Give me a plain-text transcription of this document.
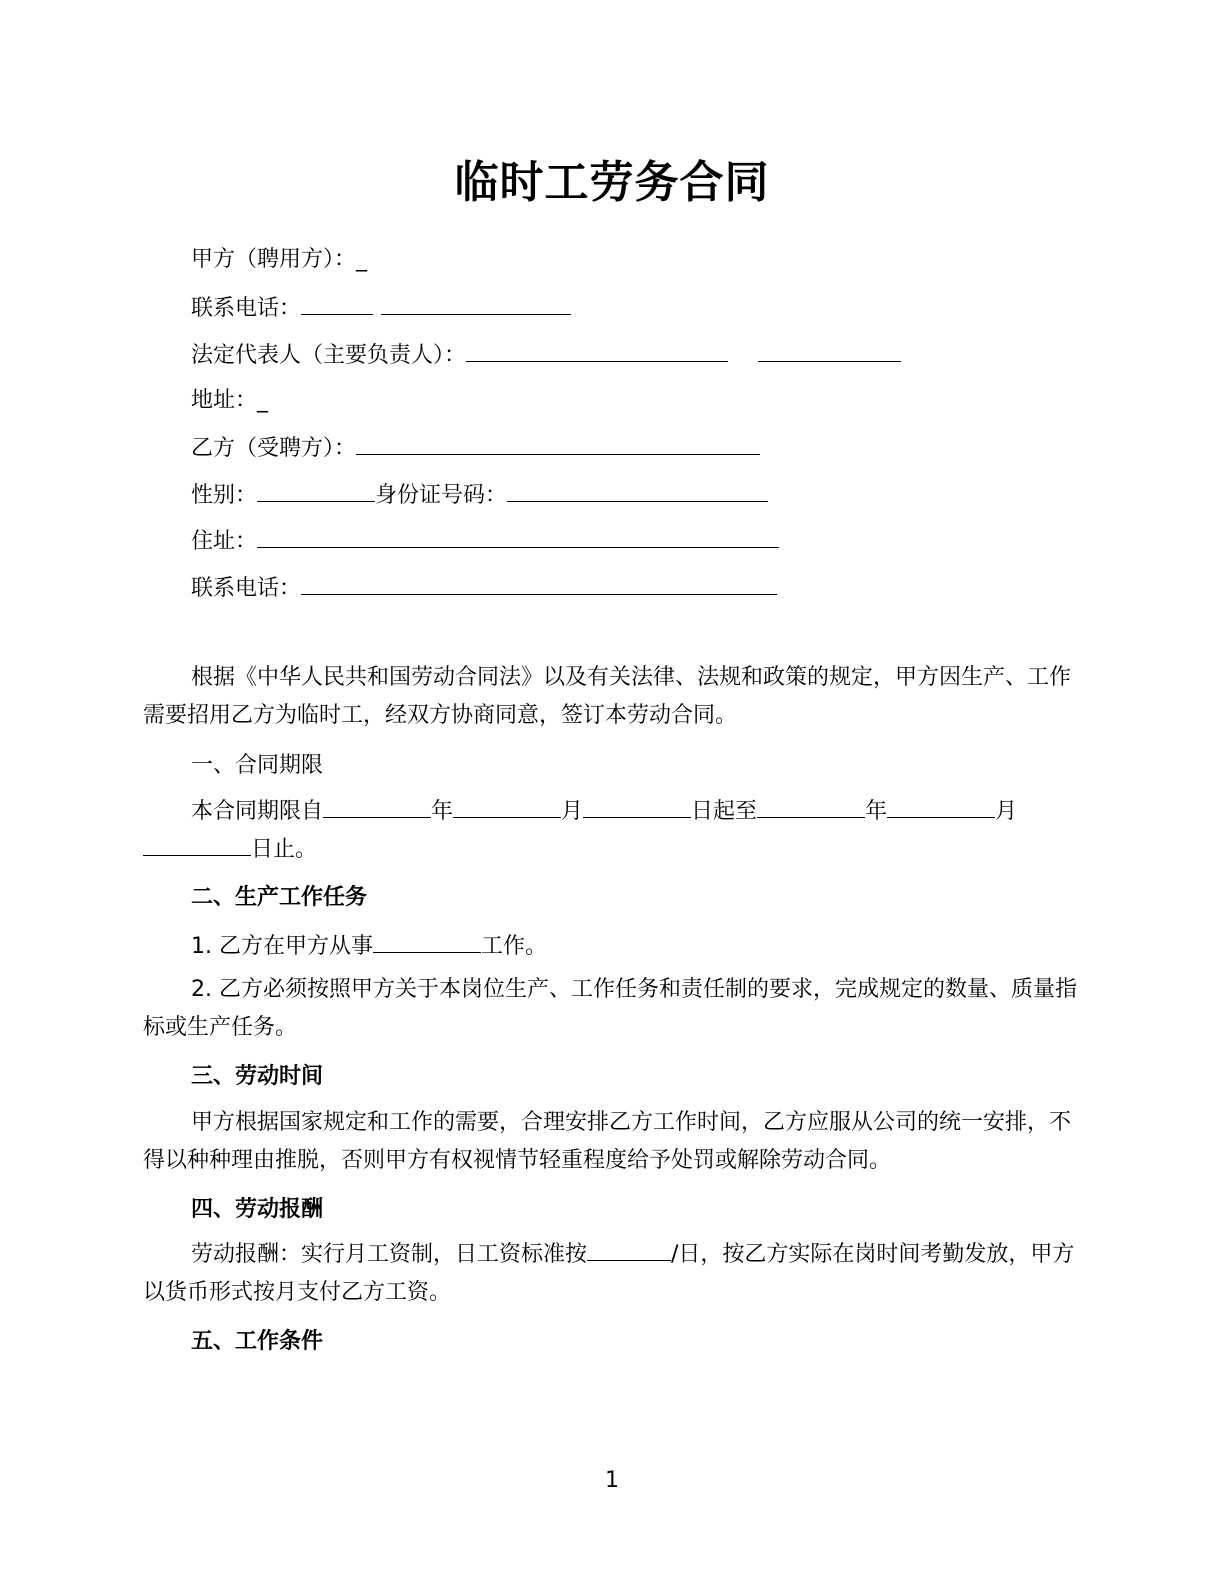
临时工劳务合同
甲方（聘用方）：_
联系电话：
法定代表人（主要负责人）：
地址：_
乙方（受聘方）：
性别：	身份证号码：
住址：
联系电话：
根据《中华人民共和国劳动合同法》以及有关法律、法规和政策的规定，甲方因生产、工作需要招用乙方为临时工，经双方协商同意，签订本劳动合同。
一、合同期限
本合同期限自	年	月	日起至	年	月日止。
二、生产工作任务
1. 乙方在甲方从事	工作。
2. 乙方必须按照甲方关于本岗位生产、工作任务和责任制的要求，完成规定的数量、质量指标或生产任务。
三、劳动时间
甲方根据国家规定和工作的需要，合理安排乙方工作时间，乙方应服从公司的统一安排，不得以种种理由推脱，否则甲方有权视情节轻重程度给予处罚或解除劳动合同。
四、劳动报酬
劳动报酬：实行月工资制，日工资标准按	/日，按乙方实际在岗时间考勤发放，甲方以货币形式按月支付乙方工资。
五、工作条件
1
